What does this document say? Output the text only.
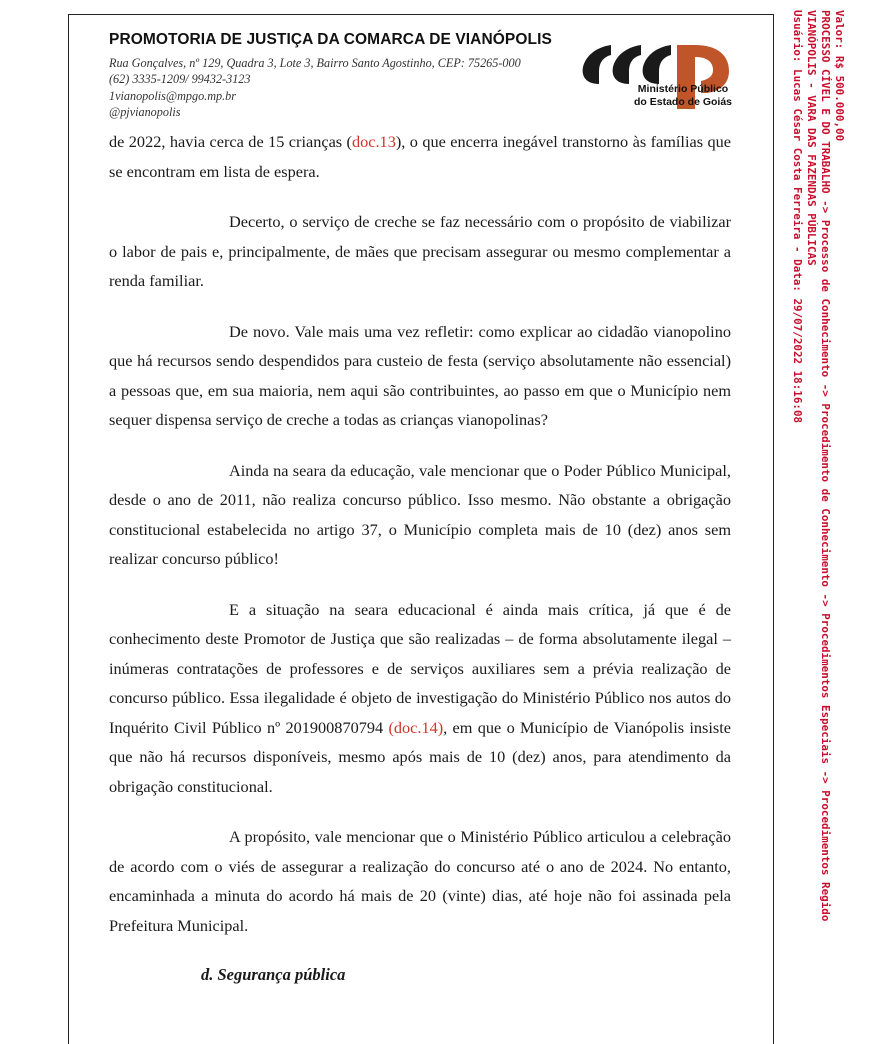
PROMOTORIA DE JUSTIÇA DA COMARCA DE VIANÓPOLIS
Rua Gonçalves, nº 129, Quadra 3, Lote 3, Bairro Santo Agostinho, CEP: 75265-000
(62) 3335-1209/ 99432-3123
1vianopolis@mpgo.mp.br
@pjvianopolis
Ministério Público
do Estado de Goiás

de 2022, havia cerca de 15 crianças (doc.13), o que encerra inegável transtorno às famílias que se encontram em lista de espera.

Decerto, o serviço de creche se faz necessário com o propósito de viabilizar o labor de pais e, principalmente, de mães que precisam assegurar ou mesmo complementar a renda familiar.

De novo. Vale mais uma vez refletir: como explicar ao cidadão vianopolino que há recursos sendo despendidos para custeio de festa (serviço absolutamente não essencial) a pessoas que, em sua maioria, nem aqui são contribuintes, ao passo em que o Município nem sequer dispensa serviço de creche a todas as crianças vianopolinas?

Ainda na seara da educação, vale mencionar que o Poder Público Municipal, desde o ano de 2011, não realiza concurso público. Isso mesmo. Não obstante a obrigação constitucional estabelecida no artigo 37, o Município completa mais de 10 (dez) anos sem realizar concurso público!

E a situação na seara educacional é ainda mais crítica, já que é de conhecimento deste Promotor de Justiça que são realizadas – de forma absolutamente ilegal – inúmeras contratações de professores e de serviços auxiliares sem a prévia realização de concurso público. Essa ilegalidade é objeto de investigação do Ministério Público nos autos do Inquérito Civil Público nº 201900870794 (doc.14), em que o Município de Vianópolis insiste que não há recursos disponíveis, mesmo após mais de 10 (dez) anos, para atendimento da obrigação constitucional.

A propósito, vale mencionar que o Ministério Público articulou a celebração de acordo com o viés de assegurar a realização do concurso até o ano de 2024. No entanto, encaminhada a minuta do acordo há mais de 20 (vinte) dias, até hoje não foi assinada pela Prefeitura Municipal.

d. Segurança pública
Valor: R$ 500.000,00
PROCESSO CÍVEL E DO TRABALHO -> Processo de Conhecimento -> Procedimento de Conhecimento -> Procedimentos Especiais -> Procedimentos Regido
VIANÓPOLIS - VARA DAS FAZENDAS PÚBLICAS
Usuário: Lucas César Costa Ferreira - Data: 29/07/2022 18:16:08
